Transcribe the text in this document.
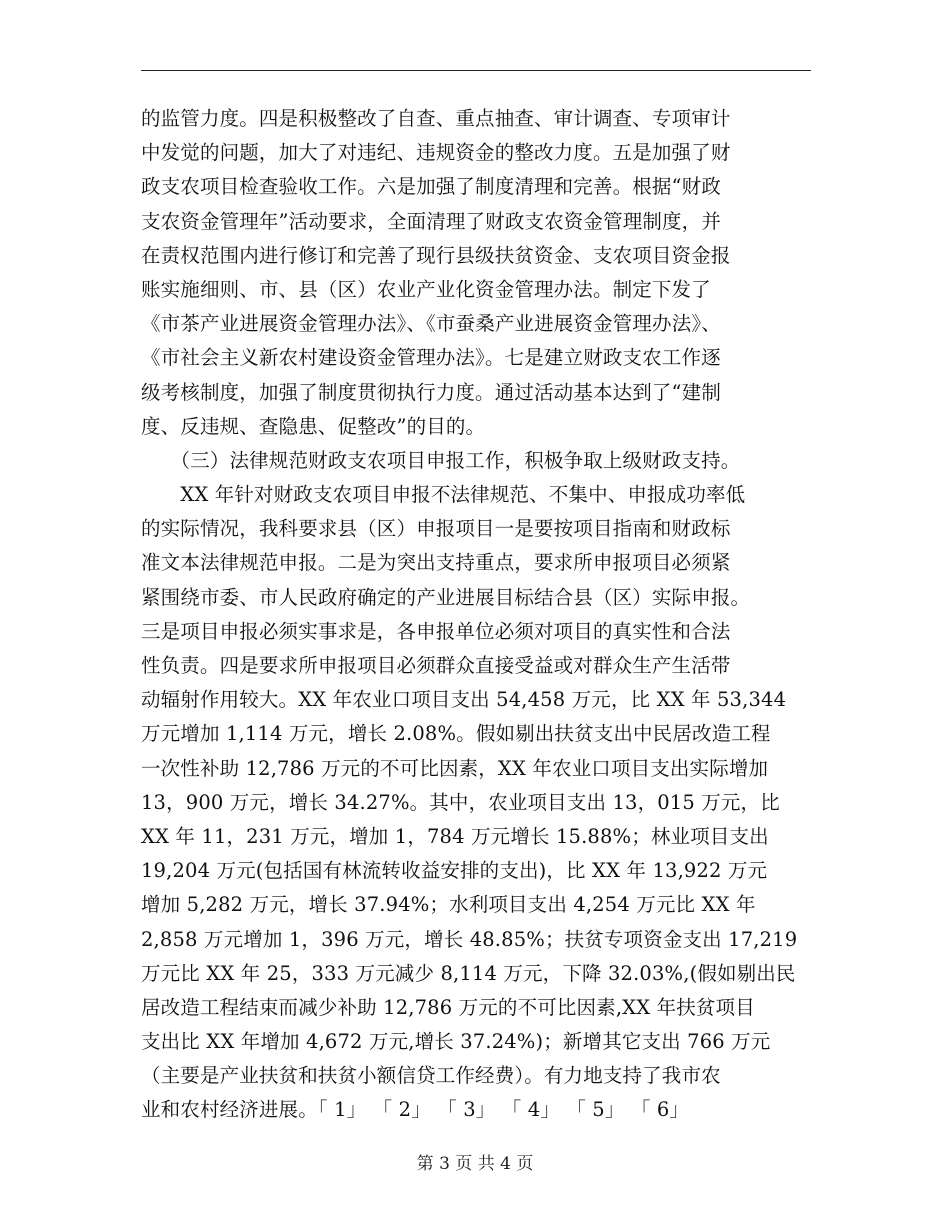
的监管力度。四是积极整改了自查、重点抽查、审计调查、专项审计
中发觉的问题，加大了对违纪、违规资金的整改力度。五是加强了财
政支农项目检查验收工作。六是加强了制度清理和完善。根据“财政
支农资金管理年”活动要求，全面清理了财政支农资金管理制度，并
在责权范围内进行修订和完善了现行县级扶贫资金、支农项目资金报
账实施细则、市、县（区）农业产业化资金管理办法。制定下发了
《市茶产业进展资金管理办法》、《市蚕桑产业进展资金管理办法》、
《市社会主义新农村建设资金管理办法》。七是建立财政支农工作逐
级考核制度，加强了制度贯彻执行力度。通过活动基本达到了“建制
度、反违规、查隐患、促整改”的目的。
　　（三）法律规范财政支农项目申报工作，积极争取上级财政支持。
　　XX 年针对财政支农项目申报不法律规范、不集中、申报成功率低
的实际情况，我科要求县（区）申报项目一是要按项目指南和财政标
准文本法律规范申报。二是为突出支持重点，要求所申报项目必须紧
紧围绕市委、市人民政府确定的产业进展目标结合县（区）实际申报。
三是项目申报必须实事求是，各申报单位必须对项目的真实性和合法
性负责。四是要求所申报项目必须群众直接受益或对群众生产生活带
动辐射作用较大。XX 年农业口项目支出 54,458 万元，比 XX 年 53,344
万元增加 1,114 万元，增长 2.08%。假如剔出扶贫支出中民居改造工程
一次性补助 12,786 万元的不可比因素，XX 年农业口项目支出实际增加
13，900 万元，增长 34.27%。其中，农业项目支出 13，015 万元，比
XX 年 11，231 万元，增加 1，784 万元增长 15.88%；林业项目支出
19,204 万元(包括国有林流转收益安排的支出)，比 XX 年 13,922 万元
增加 5,282 万元，增长 37.94%；水利项目支出 4,254 万元比 XX 年
2,858 万元增加 1，396 万元，增长 48.85%；扶贫专项资金支出 17,219
万元比 XX 年 25，333 万元减少 8,114 万元，下降 32.03%,(假如剔出民
居改造工程结束而减少补助 12,786 万元的不可比因素,XX 年扶贫项目
支出比 XX 年增加 4,672 万元,增长 37.24%)；新增其它支出 766 万元
（主要是产业扶贫和扶贫小额信贷工作经费）。有力地支持了我市农
业和农村经济进展。「 1」 「 2」 「 3」 「 4」 「 5」 「 6」
第 3 页 共 4 页
